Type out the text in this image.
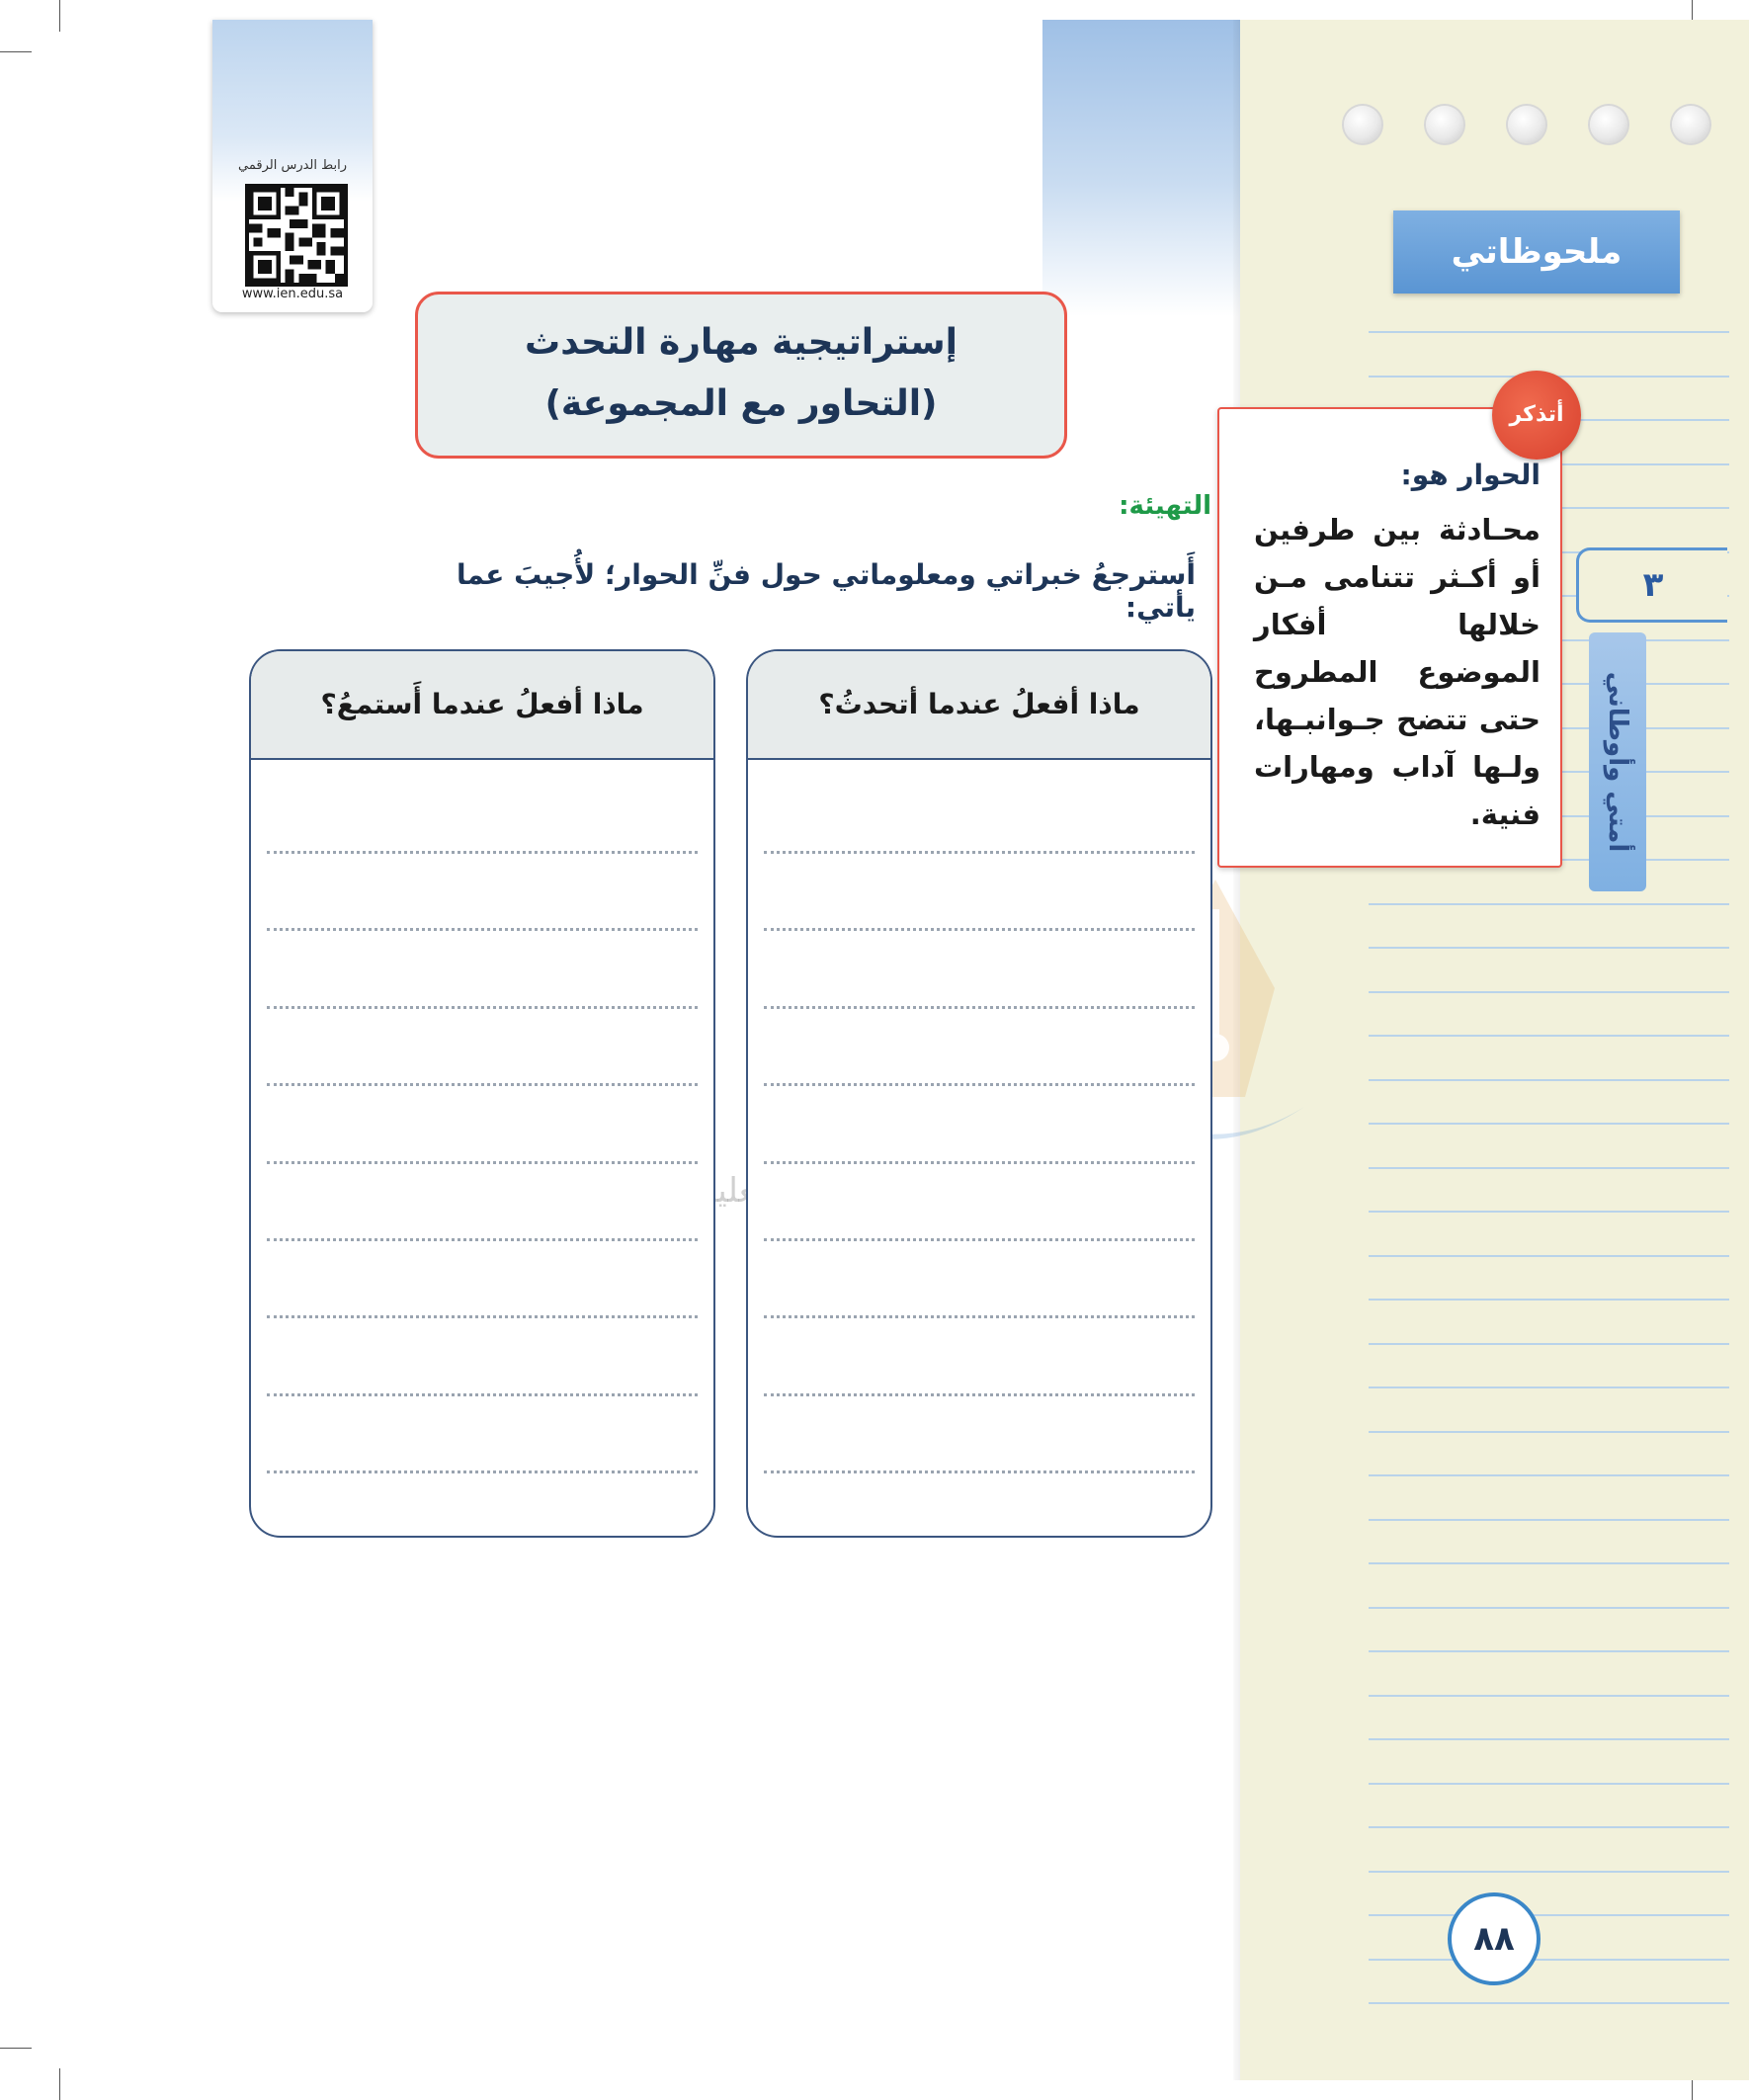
ملحوظاتي
٣
أمتي وأوطاني
رابط الدرس الرقمي
www.ien.edu.sa
إستراتيجية مهارة التحدث
(التحاور مع المجموعة)
التعليمي
الحوار هو:
محـادثة بين طرفين أو أكـثر تتنامى مـن خلالها أفكار الموضوع المطروح حتى تتضح جـوانبـها، ولـها آداب ومهارات فنية.
أتذكر
التهيئة:
أَسترجعُ خبراتي ومعلوماتي حول فنِّ الحوار؛ لأُجيبَ عما يأتي:
ماذا أفعلُ عندما أتحدثُ؟
ماذا أفعلُ عندما أَستمعُ؟
٨٨
